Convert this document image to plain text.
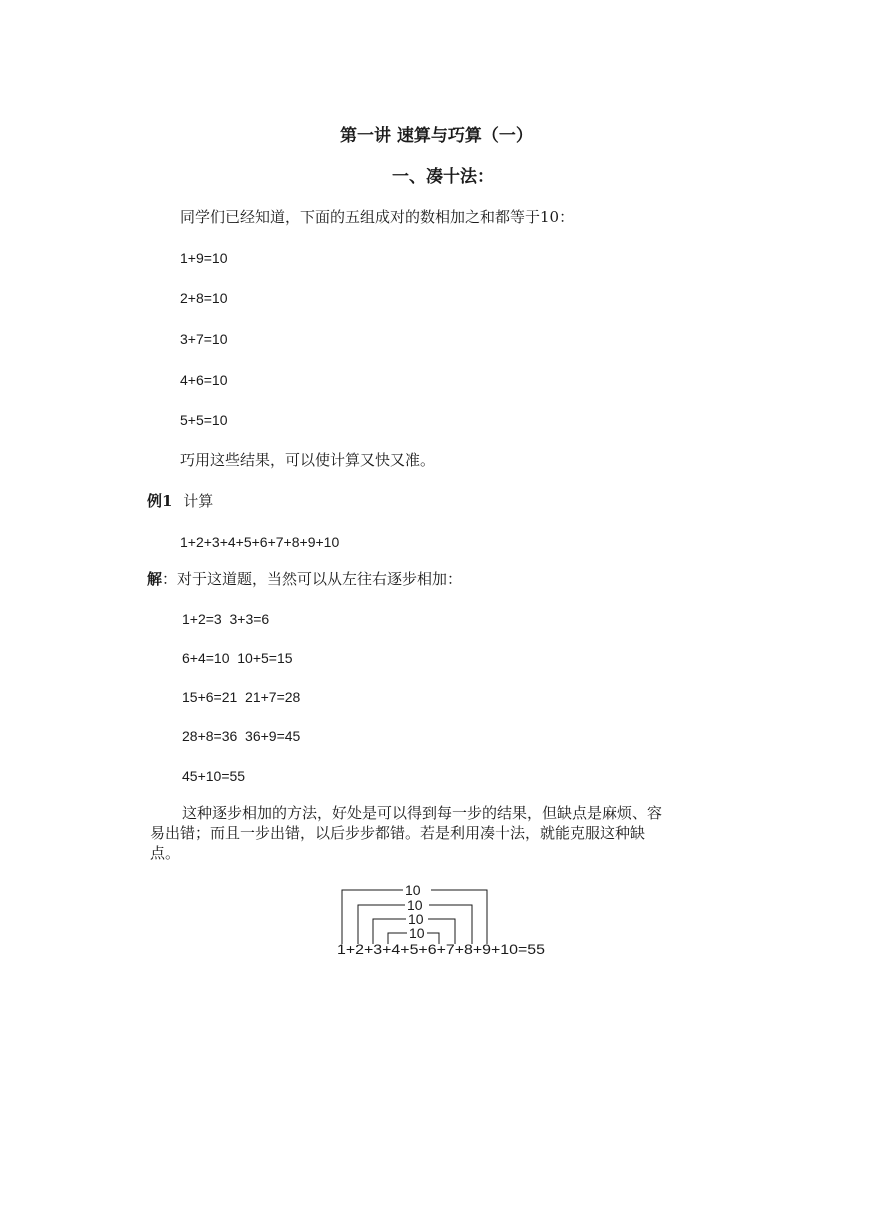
第一讲 速算与巧算（一）
一、凑十法：
同学们已经知道，下面的五组成对的数相加之和都等于10：
1+9=10
2+8=10
3+7=10
4+6=10
5+5=10
巧用这些结果，可以使计算又快又准。
例1 计算
1+2+3+4+5+6+7+8+9+10
解：对于这道题，当然可以从左往右逐步相加：
1+2=3  3+3=6
6+4=10  10+5=15
15+6=21  21+7=28
28+8=36  36+9=45
45+10=55
这种逐步相加的方法，好处是可以得到每一步的结果，但缺点是麻烦、容
易出错；而且一步出错，以后步步都错。若是利用凑十法，就能克服这种缺
点。
10
10
10
10
1+2+3+4+5+6+7+8+9+10=55
